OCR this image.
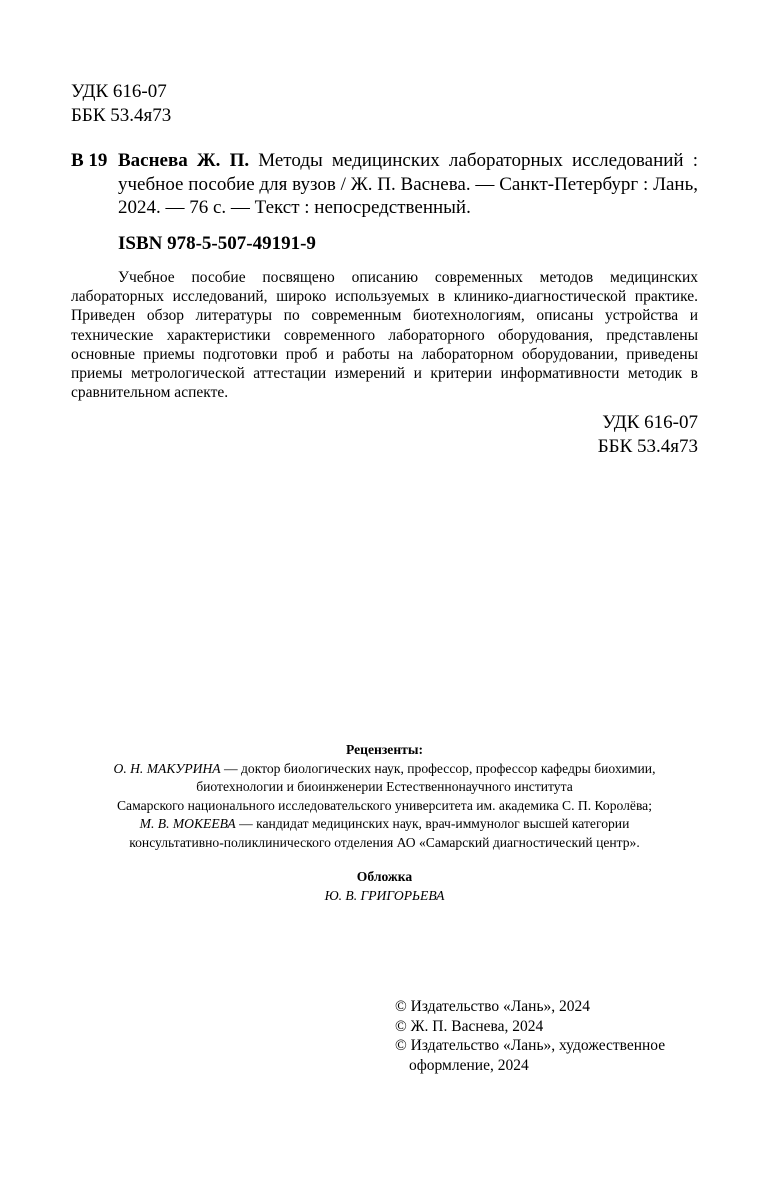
УДК 616-07
ББК 53.4я73
В 19 Васнева Ж. П. Методы медицинских лабораторных исследований : учебное пособие для вузов / Ж. П. Васнева. — Санкт-Петербург : Лань, 2024. — 76 с. — Текст : непосредственный.
ISBN 978-5-507-49191-9
Учебное пособие посвящено описанию современных методов медицинских лабораторных исследований, широко используемых в клинико-диагностической практике. Приведен обзор литературы по современным биотехнологиям, описаны устройства и технические характеристики современного лабораторного оборудования, представлены основные приемы подготовки проб и работы на лабораторном оборудовании, приведены приемы метрологической аттестации измерений и критерии информативности методик в сравнительном аспекте.
УДК 616-07
ББК 53.4я73
Рецензенты:
О. Н. МАКУРИНА — доктор биологических наук, профессор, профессор кафедры биохимии,
биотехнологии и биоинженерии Естественнонаучного института
Самарского национального исследовательского университета им. академика С. П. Королёва;
М. В. МОКЕЕВА — кандидат медицинских наук, врач-иммунолог высшей категории
консультативно-поликлинического отделения АО «Самарский диагностический центр».
Обложка
Ю. В. ГРИГОРЬЕВА
© Издательство «Лань», 2024
© Ж. П. Васнева, 2024
© Издательство «Лань», художественное
оформление, 2024
